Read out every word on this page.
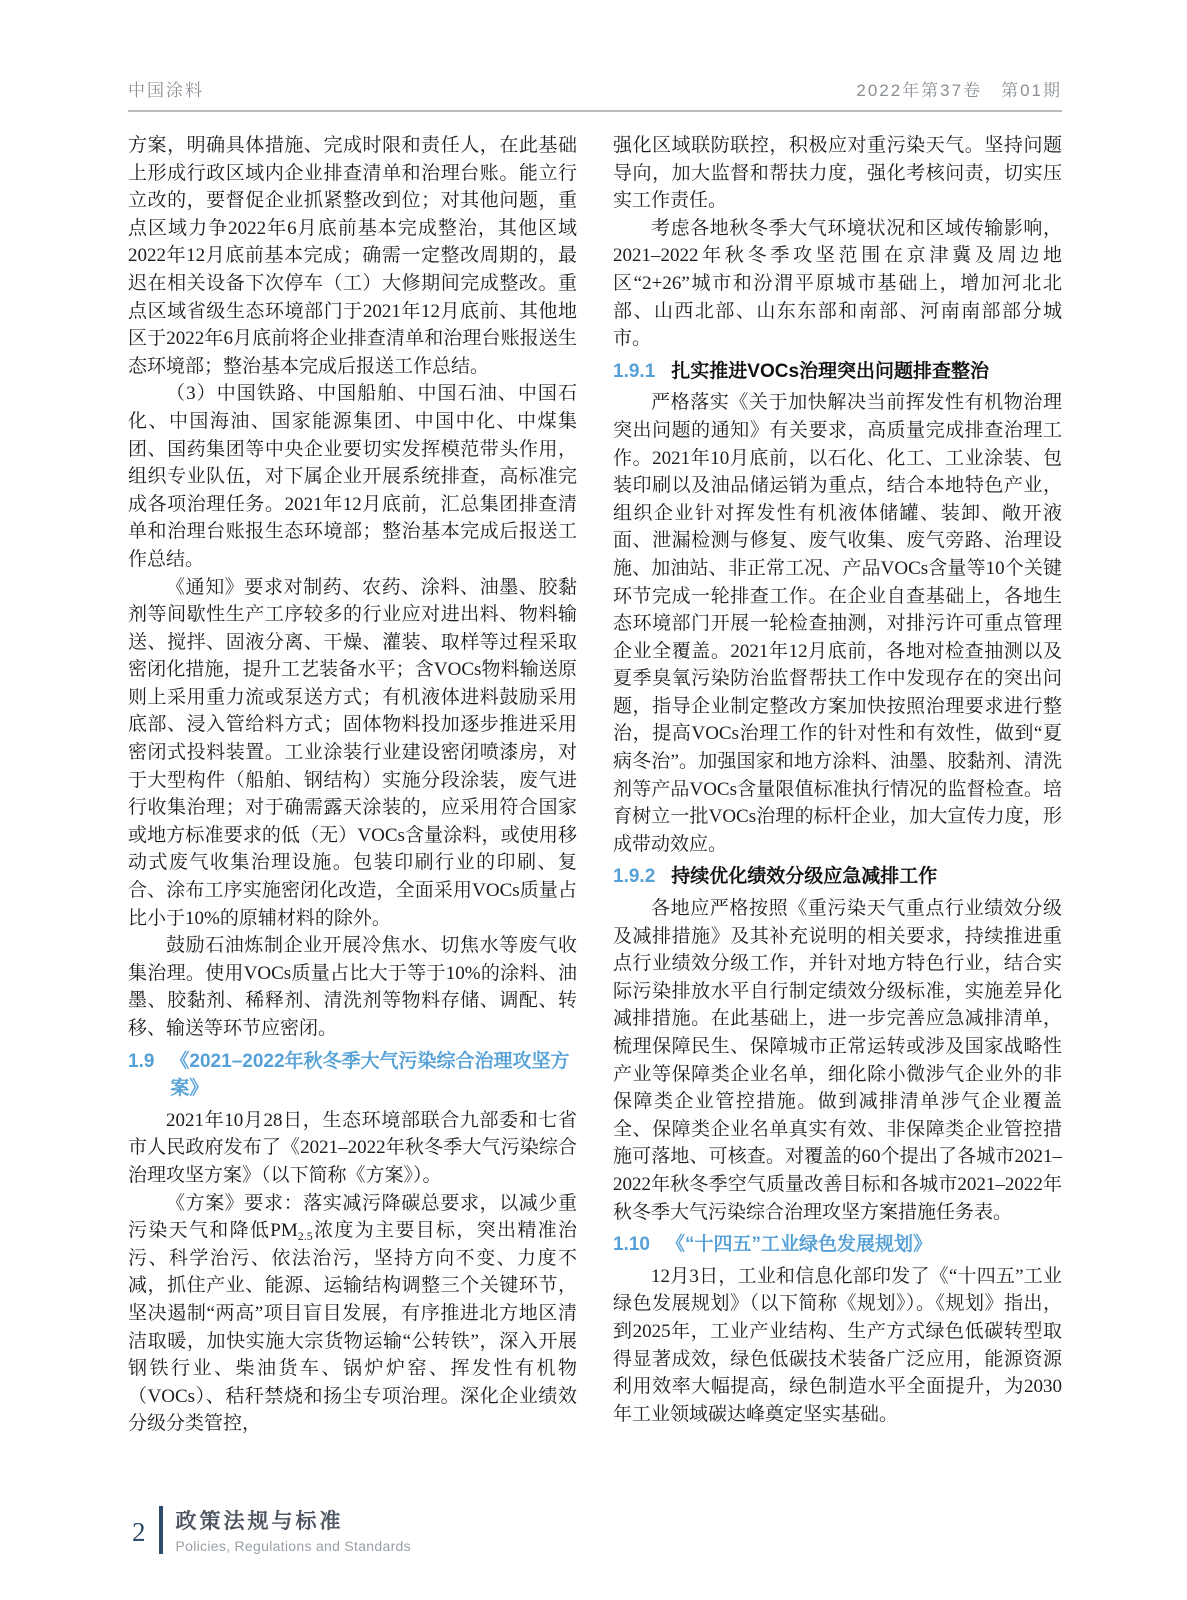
中国涂料	2022年第37卷　第01期

方案，明确具体措施、完成时限和责任人，在此基础上形成行政区域内企业排查清单和治理台账。能立行立改的，要督促企业抓紧整改到位；对其他问题，重点区域力争2022年6月底前基本完成整治，其他区域2022年12月底前基本完成；确需一定整改周期的，最迟在相关设备下次停车（工）大修期间完成整改。重点区域省级生态环境部门于2021年12月底前、其他地区于2022年6月底前将企业排查清单和治理台账报送生态环境部；整治基本完成后报送工作总结。

（3）中国铁路、中国船舶、中国石油、中国石化、中国海油、国家能源集团、中国中化、中煤集团、国药集团等中央企业要切实发挥模范带头作用，组织专业队伍，对下属企业开展系统排查，高标准完成各项治理任务。2021年12月底前，汇总集团排查清单和治理台账报生态环境部；整治基本完成后报送工作总结。

《通知》要求对制药、农药、涂料、油墨、胶黏剂等间歇性生产工序较多的行业应对进出料、物料输送、搅拌、固液分离、干燥、灌装、取样等过程采取密闭化措施，提升工艺装备水平；含VOCs物料输送原则上采用重力流或泵送方式；有机液体进料鼓励采用底部、浸入管给料方式；固体物料投加逐步推进采用密闭式投料装置。工业涂装行业建设密闭喷漆房，对于大型构件（船舶、钢结构）实施分段涂装，废气进行收集治理；对于确需露天涂装的，应采用符合国家或地方标准要求的低（无）VOCs含量涂料，或使用移动式废气收集治理设施。包装印刷行业的印刷、复合、涂布工序实施密闭化改造，全面采用VOCs质量占比小于10%的原辅材料的除外。

鼓励石油炼制企业开展冷焦水、切焦水等废气收集治理。使用VOCs质量占比大于等于10%的涂料、油墨、胶黏剂、稀释剂、清洗剂等物料存储、调配、转移、输送等环节应密闭。

1.9 《2021–2022年秋冬季大气污染综合治理攻坚方案》

2021年10月28日，生态环境部联合九部委和七省市人民政府发布了《2021–2022年秋冬季大气污染综合治理攻坚方案》（以下简称《方案》）。

《方案》要求：落实减污降碳总要求，以减少重污染天气和降低$PM_{2.5}$浓度为主要目标，突出精准治污、科学治污、依法治污，坚持方向不变、力度不减，抓住产业、能源、运输结构调整三个关键环节，坚决遏制“两高”项目盲目发展，有序推进北方地区清洁取暖，加快实施大宗货物运输“公转铁”，深入开展钢铁行业、柴油货车、锅炉炉窑、挥发性有机物（VOCs）、秸秆禁烧和扬尘专项治理。深化企业绩效分级分类管控，

强化区域联防联控，积极应对重污染天气。坚持问题导向，加大监督和帮扶力度，强化考核问责，切实压实工作责任。

考虑各地秋冬季大气环境状况和区域传输影响，2021–2022年秋冬季攻坚范围在京津冀及周边地区“2+26”城市和汾渭平原城市基础上，增加河北北部、山西北部、山东东部和南部、河南南部部分城市。

1.9.1 扎实推进VOCs治理突出问题排查整治

严格落实《关于加快解决当前挥发性有机物治理突出问题的通知》有关要求，高质量完成排查治理工作。2021年10月底前，以石化、化工、工业涂装、包装印刷以及油品储运销为重点，结合本地特色产业，组织企业针对挥发性有机液体储罐、装卸、敞开液面、泄漏检测与修复、废气收集、废气旁路、治理设施、加油站、非正常工况、产品VOCs含量等10个关键环节完成一轮排查工作。在企业自查基础上，各地生态环境部门开展一轮检查抽测，对排污许可重点管理企业全覆盖。2021年12月底前，各地对检查抽测以及夏季臭氧污染防治监督帮扶工作中发现存在的突出问题，指导企业制定整改方案加快按照治理要求进行整治，提高VOCs治理工作的针对性和有效性，做到“夏病冬治”。加强国家和地方涂料、油墨、胶黏剂、清洗剂等产品VOCs含量限值标准执行情况的监督检查。培育树立一批VOCs治理的标杆企业，加大宣传力度，形成带动效应。

1.9.2 持续优化绩效分级应急减排工作

各地应严格按照《重污染天气重点行业绩效分级及减排措施》及其补充说明的相关要求，持续推进重点行业绩效分级工作，并针对地方特色行业，结合实际污染排放水平自行制定绩效分级标准，实施差异化减排措施。在此基础上，进一步完善应急减排清单，梳理保障民生、保障城市正常运转或涉及国家战略性产业等保障类企业名单，细化除小微涉气企业外的非保障类企业管控措施。做到减排清单涉气企业覆盖全、保障类企业名单真实有效、非保障类企业管控措施可落地、可核查。对覆盖的60个提出了各城市2021–2022年秋冬季空气质量改善目标和各城市2021–2022年秋冬季大气污染综合治理攻坚方案措施任务表。

1.10 《“十四五”工业绿色发展规划》

12月3日，工业和信息化部印发了《“十四五”工业绿色发展规划》（以下简称《规划》）。《规划》指出，到2025年，工业产业结构、生产方式绿色低碳转型取得显著成效，绿色低碳技术装备广泛应用，能源资源利用效率大幅提高，绿色制造水平全面提升，为2030年工业领域碳达峰奠定坚实基础。

2 政策法规与标准
Policies, Regulations and Standards
